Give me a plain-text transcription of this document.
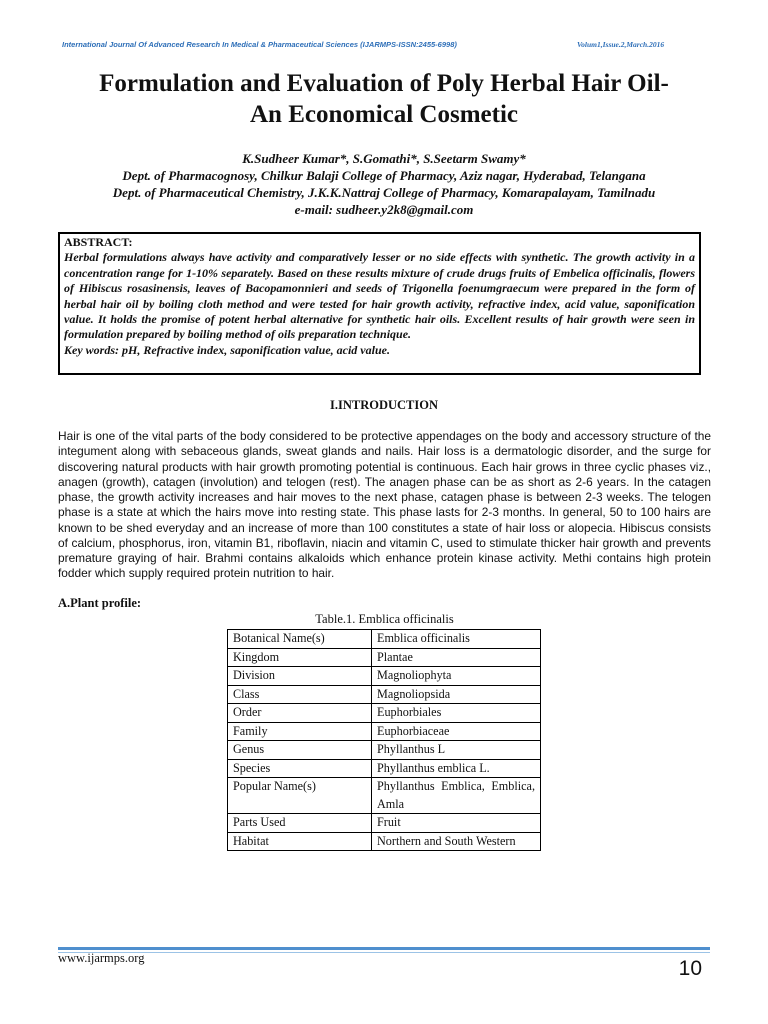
International Journal Of Advanced Research In Medical & Pharmaceutical Sciences (IJARMPS-ISSN:2455-6998)	Volum1,Issue.2,March.2016
Formulation and Evaluation of Poly Herbal Hair Oil-
An Economical Cosmetic
K.Sudheer Kumar*, S.Gomathi*, S.Seetarm Swamy*
Dept. of Pharmacognosy, Chilkur Balaji College of Pharmacy, Aziz nagar, Hyderabad, Telangana
Dept. of Pharmaceutical Chemistry, J.K.K.Nattraj College of Pharmacy, Komarapalayam, Tamilnadu
e-mail: sudheer.y2k8@gmail.com
ABSTRACT:
Herbal formulations always have activity and comparatively lesser or no side effects with synthetic. The growth activity in a concentration range for 1-10% separately. Based on these results mixture of crude drugs fruits of Embelica officinalis, flowers of Hibiscus rosasinensis, leaves of Bacopamonnieri and seeds of Trigonella foenumgraecum were prepared in the form of herbal hair oil by boiling cloth method and were tested for hair growth activity, refractive index, acid value, saponification value. It holds the promise of potent herbal alternative for synthetic hair oils. Excellent results of hair growth were seen in formulation prepared by boiling method of oils preparation technique.
Key words: pH, Refractive index, saponification value, acid value.
I.INTRODUCTION

Hair is one of the vital parts of the body considered to be protective appendages on the body and accessory structure of the integument along with sebaceous glands, sweat glands and nails. Hair loss is a dermatologic disorder, and the surge for discovering natural products with hair growth promoting potential is continuous. Each hair grows in three cyclic phases viz., anagen (growth), catagen (involution) and telogen (rest). The anagen phase can be as short as 2-6 years. In the catagen phase, the growth activity increases and hair moves to the next phase, catagen phase is between 2-3 weeks. The telogen phase is a state at which the hairs move into resting state. This phase lasts for 2-3 months. In general, 50 to 100 hairs are known to be shed everyday and an increase of more than 100 constitutes a state of hair loss or alopecia. Hibiscus consists of calcium, phosphorus, iron, vitamin B1, riboflavin, niacin and vitamin C, used to stimulate thicker hair growth and prevents premature graying of hair. Brahmi contains alkaloids which enhance protein kinase activity. Methi contains high protein fodder which supply required protein nutrition to hair.

A.Plant profile:
Table.1. Emblica officinalis
Botanical Name(s)	Emblica officinalis
Kingdom	Plantae
Division	Magnoliophyta
Class	Magnoliopsida
Order	Euphorbiales
Family	Euphorbiaceae
Genus	Phyllanthus L
Species	Phyllanthus emblica L.
Popular Name(s)	Phyllanthus Emblica, Emblica, Amla
Parts Used	Fruit
Habitat	Northern and South Western
www.ijarmps.org	10
